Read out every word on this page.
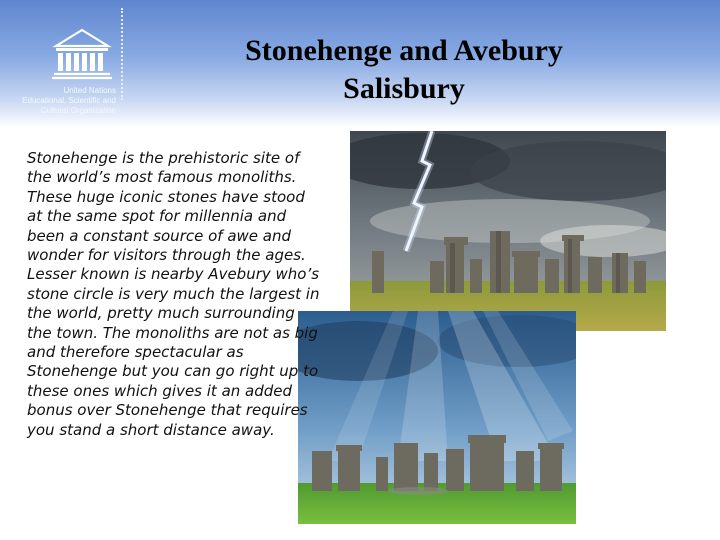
United Nations
Educational, Scientific and
Cultural Organization
Stonehenge and Avebury
Salisbury

Stonehenge is the prehistoric site of the world’s most famous monoliths. These huge iconic stones have stood at the same spot for millennia and been a constant source of awe and wonder for visitors through the ages. Lesser known is nearby Avebury who’s stone circle is very much the largest in the world, pretty much surrounding the town. The monoliths are not as big and therefore spectacular as Stonehenge but you can go right up to these ones which gives it an added bonus over Stonehenge that requires you stand a short distance away.
